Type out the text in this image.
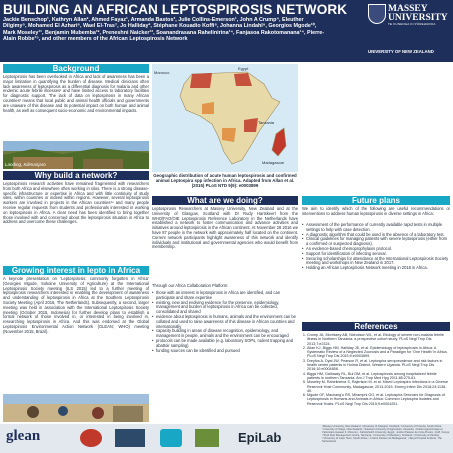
BUILDING AN AFRICAN LEPTOSPIROSIS NETWORK
Jackie Benschop¹, Kathryn Allan², Ahmed Fayaz¹, Armanda Bastos³, Julie Collins-Emerson¹, John A Crump⁴, Eleuther Dilgimy⁵, Mohamed El Azhari⁶, Wael El-Tras⁷, Jo Halliday², Stéphane Kouadio Koffi⁸, Johanna Lindahl⁹, Georgios Mgode¹⁰, Mark Moseley¹¹, Benjamin Mubemba¹², Preneshni Naicker¹³, Soanandrasana Rahelinirina¹⁴, Fanjasoa Rakotomanana¹⁴, Pierre-Alain Robbe¹⁵, and other members of the African Leptospirosis Network
MASSEY UNIVERSITY
TE KUNENGA KI PŪREHUROA
UNIVERSITY OF NEW ZEALAND
Background
Leptospirosis has been overlooked in Africa and lack of awareness has been a major limitation in quantifying the burden of disease. Medical clinicians often lack awareness of leptospirosis as a differential diagnosis for malaria and other endemic acute febrile illnesses¹ and have limited access to laboratory facilities for diagnostic support. The lack of data on leptospirosis in many African countries² means that local public and animal health officials and governments are unaware of this disease and its potential impact on both human and animal health, as well as consequent socio-economic and environmental impacts.
Landing, Kilimanjaro
Why build a network?
Leptospirosis research activities have remained fragmented with researchers from both Africa and elsewhere often working in silos. There is a strong disease-specific infrastructure or expertise in Africa and with little continuity of study sites, within countries or indeed within regions. However, several leptospirosis workers are involved in projects in the African countries³⁴ and many people receive regular requests from students and professionals interested in working on leptospirosis in Africa. A clear need has been identified to bring together those involved with and concerned about the leptospirosis situation in Africa to address and overcome these challenges.
Growing interest in lepto in Africa
A keynote presentation on ‘Leptospirosis: commonly forgotten in Africa’ (Georgies Mgode, Sokoine University of Agriculture) at the International Leptospirosis Society meeting (ILS 2015) led to a further meeting of leptospirosis researchers interested in enabling the development of awareness and understanding of leptospirosis in Africa at the Southern Leptospirosis Society Meeting (April 2016, The Netherlands). Subsequently, a second, larger meeting was held in association with the International Leptospirosis Society meeting (October 2015, Indonesia) for further develop plans to establish a formal network of those involved in, or interested in being involved in, researching leptospirosis in Africa. And this was endorsed at the Global Leptospirosis Environmental Action Network (GLEAN; WHO) meeting (November 2015, Brazil).
Morocco
Egypt
Tanzania
Madagascar
Geographic distribution of acute human leptospirosis and confirmed animal Leptospira spp infection in Africa. Adapted from Allan et al. (2015) PLoS NTD 9(9): e0003899
What are we doing?
Leptospirosis Researchers at Massey University, New Zealand and at the University of Glasgow, Scotland with Dr Rudy Hartskeerl from the WHO/FAO/OIE Leptospirosis Reference Laboratory in the Netherlands have established a network to foster communication and advance activities and initiatives around leptospirosis in the African continent. At November 28 2016 we have 87 people in the network with approximately half located on the continent. Current network participants highlight awareness of this network and identify individuals and institutional and governmental agencies who would benefit from membership.
Through our Africa Collaboration Platform:
• those with an interest in leptospirosis in Africa are identified, and can participate and share expertise
• existing, new and evolving evidence for the presence, epidemiology, management and burden of leptospirosis in Africa can be collected, consolidated and shared
• evidence about leptospirosis in humans, animals and the environment can be collated and used to raise awareness of this disease in African countries and internationally
• capacity building in areas of disease recognition, epidemiology, and management in people, animals and the environment can be encouraged
• protocols can be made available (e.g. laboratory SOPs, rodent trapping and abattoir sampling)
• funding sources can be identified and pursued
Future plans
We aim to identify which of the following are useful recommendations or interventions to address human leptospirosis in diverse settings in Africa:
• Assessment of the performance of currently available rapid tests in multiple settings to help with case detection.
• A diagnostic algorithm that could be used in the absence of a laboratory test.
• Clinical guidelines for managing patients with severe leptospirosis (either from a confirmed or suspected diagnosis).
• An evidence-based chemoprophylaxis protocol.
• Support for identification of infecting serovar.
• Securing scholarships for attendance at the International Leptospirosis Society meeting and workshops in New Zealand in 2017.
• Holding an African Leptospirosis Network meeting in 2018 in Africa.
References
1. Crump JA, Morrissey AB, Nicholson WL, et al. Etiology of severe non-malaria febrile illness in Northern Tanzania: a prospective cohort study. PLoS Negl Trop Dis 2013;7:e2324.
2. Allan KJ, Biggs HM, Halliday JE, et al. Epidemiology of leptospirosis in Africa: A Systematic Review of a Neglected Zoonosis and a Paradigm for 'One Health' in Africa. PLoS Negl Trop Dis 2015;9:e0003899.
3. Dreyfus A, Dyal JW, Pearson R, et al. Leptospira seroprevalence and risk factors in health centre patients in Hoima District, Western Uganda. PLoS Negl Trop Dis 2016;10:e0004858.
4. Biggs HM, Galloway RL, Bui DM, et al. Leptospirosis among hospitalized febrile patients in northern Tanzania. Am J Trop Med Hyg 2011;85:275-81.
5. Moseley M, Rahelinirina S, Rajerison M, et al. Mixed Leptospira Infections in a Diverse Reservoir Host Community, Madagascar, 2013-2015. Emerg Infect Dis 2018;24:1138-40.
6. Mgode GF, Machang'u RS, Mhamphi GG, et al. Leptospira Serovars for Diagnosis of Leptospirosis in Humans and Animals in Africa: Common Leptospira Isolates and Reservoir Hosts. PLoS Negl Trop Dis 2015;9:e0004251.
glean	EpiLab
¹Massey University, New Zealand; ²University of Glasgow, Scotland; ³University of Pretoria, South Africa; ⁴University of Otago, New Zealand; ⁵Sokoine University of Agriculture, Tanzania; ⁶Institut Agronomique et Vétérinaire Hassan II, Morocco; ⁷Kafrelsheikh University, Egypt; ⁸Institut Pasteur de Côte d'Ivoire; ⁹ILRI, Kenya; ¹⁰SUA Pest Management Centre, Tanzania; ¹¹University of Aberdeen, Scotland; ¹²University of Zambia; ¹³University of Cape Town, South Africa; ¹⁴Institut Pasteur de Madagascar; ¹⁵Royal Tropical Institute, The Netherlands
